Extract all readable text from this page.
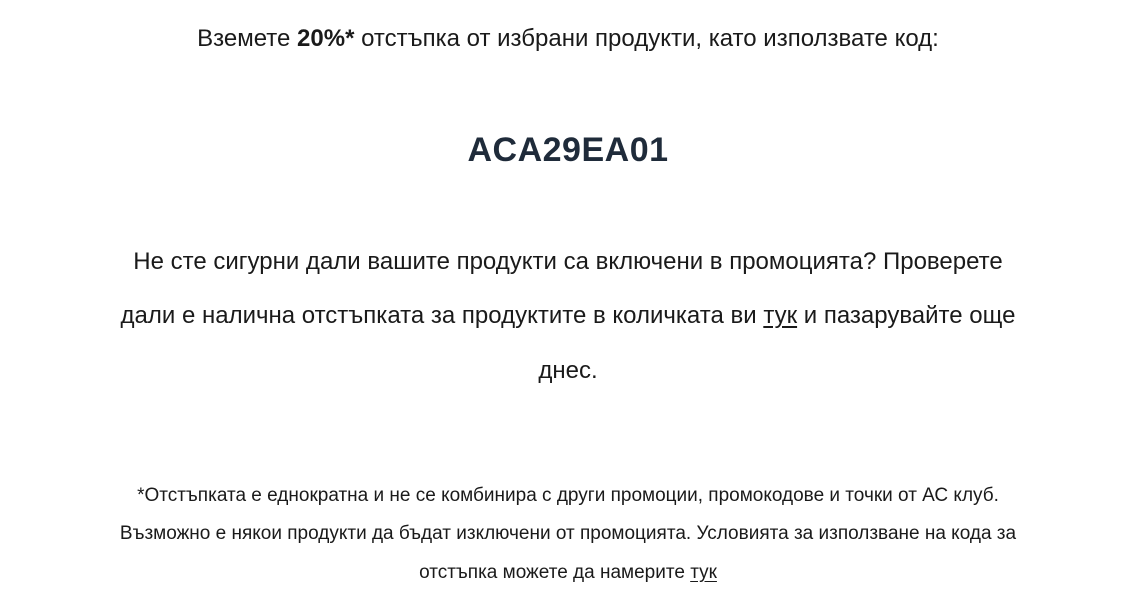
Вземете 20%* отстъпка от избрани продукти, като използвате код:
ACA29EA01
Не сте сигурни дали вашите продукти са включени в промоцията? Проверете
дали е налична отстъпката за продуктите в количката ви тук и пазарувайте още
днес.
*Отстъпката е еднократна и не се комбинира с други промоции, промокодове и точки от АС клуб.
Възможно е някои продукти да бъдат изключени от промоцията. Условията за използване на кода за
отстъпка можете да намерите тук
